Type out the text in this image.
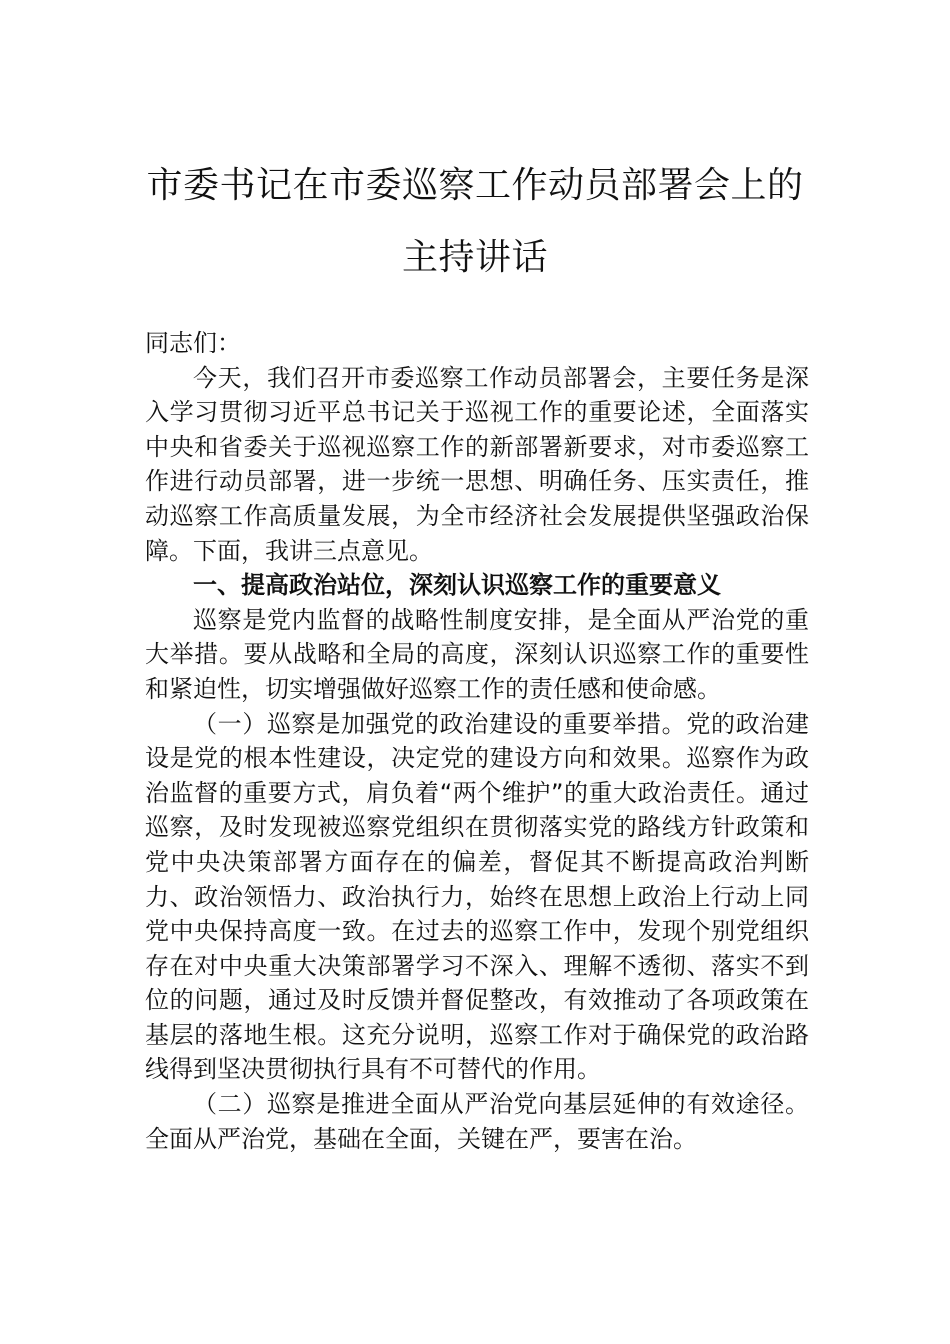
市委书记在市委巡察工作动员部署会上的
主持讲话

同志们：

今天，我们召开市委巡察工作动员部署会，主要任务是深入学习贯彻习近平总书记关于巡视工作的重要论述，全面落实中央和省委关于巡视巡察工作的新部署新要求，对市委巡察工作进行动员部署，进一步统一思想、明确任务、压实责任，推动巡察工作高质量发展，为全市经济社会发展提供坚强政治保障。下面，我讲三点意见。

一、提高政治站位，深刻认识巡察工作的重要意义

巡察是党内监督的战略性制度安排，是全面从严治党的重大举措。要从战略和全局的高度，深刻认识巡察工作的重要性和紧迫性，切实增强做好巡察工作的责任感和使命感。

（一）巡察是加强党的政治建设的重要举措。党的政治建设是党的根本性建设，决定党的建设方向和效果。巡察作为政治监督的重要方式，肩负着“两个维护”的重大政治责任。通过巡察，及时发现被巡察党组织在贯彻落实党的路线方针政策和党中央决策部署方面存在的偏差，督促其不断提高政治判断力、政治领悟力、政治执行力，始终在思想上政治上行动上同党中央保持高度一致。在过去的巡察工作中，发现个别党组织存在对中央重大决策部署学习不深入、理解不透彻、落实不到位的问题，通过及时反馈并督促整改，有效推动了各项政策在基层的落地生根。这充分说明，巡察工作对于确保党的政治路线得到坚决贯彻执行具有不可替代的作用。

（二）巡察是推进全面从严治党向基层延伸的有效途径。全面从严治党，基础在全面，关键在严，要害在治。
